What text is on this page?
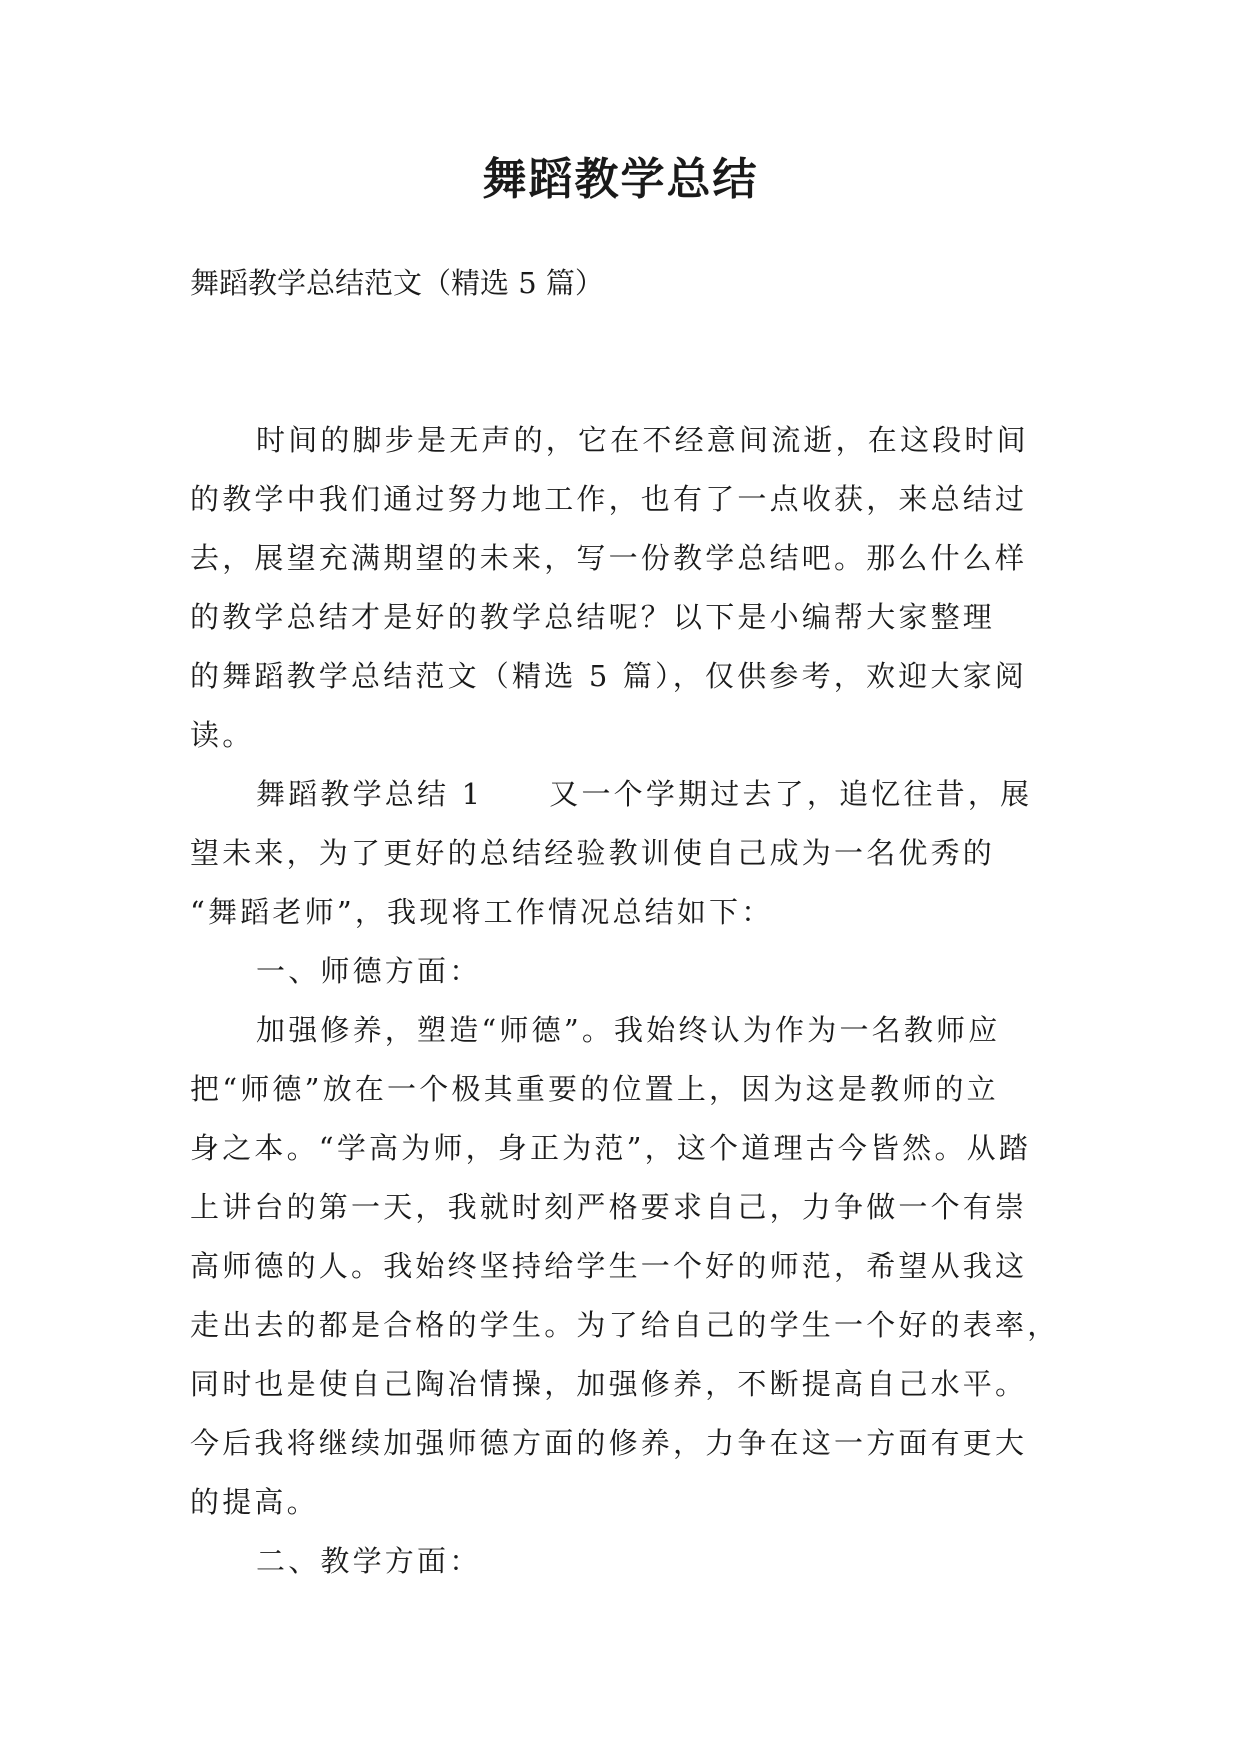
舞蹈教学总结
舞蹈教学总结范文（精选 5 篇）
时间的脚步是无声的，它在不经意间流逝，在这段时间
的教学中我们通过努力地工作，也有了一点收获，来总结过
去，展望充满期望的未来，写一份教学总结吧。那么什么样
的教学总结才是好的教学总结呢？以下是小编帮大家整理
的舞蹈教学总结范文（精选 5 篇），仅供参考，欢迎大家阅
读。
舞蹈教学总结 1 又一个学期过去了，追忆往昔，展
望未来，为了更好的总结经验教训使自己成为一名优秀的
“舞蹈老师”，我现将工作情况总结如下：
一、师德方面：
加强修养，塑造“师德”。我始终认为作为一名教师应
把“师德”放在一个极其重要的位置上，因为这是教师的立
身之本。“学高为师，身正为范”，这个道理古今皆然。从踏
上讲台的第一天，我就时刻严格要求自己，力争做一个有崇
高师德的人。我始终坚持给学生一个好的师范，希望从我这
走出去的都是合格的学生。为了给自己的学生一个好的表率，
同时也是使自己陶冶情操，加强修养，不断提高自己水平。
今后我将继续加强师德方面的修养，力争在这一方面有更大
的提高。
二、教学方面：
